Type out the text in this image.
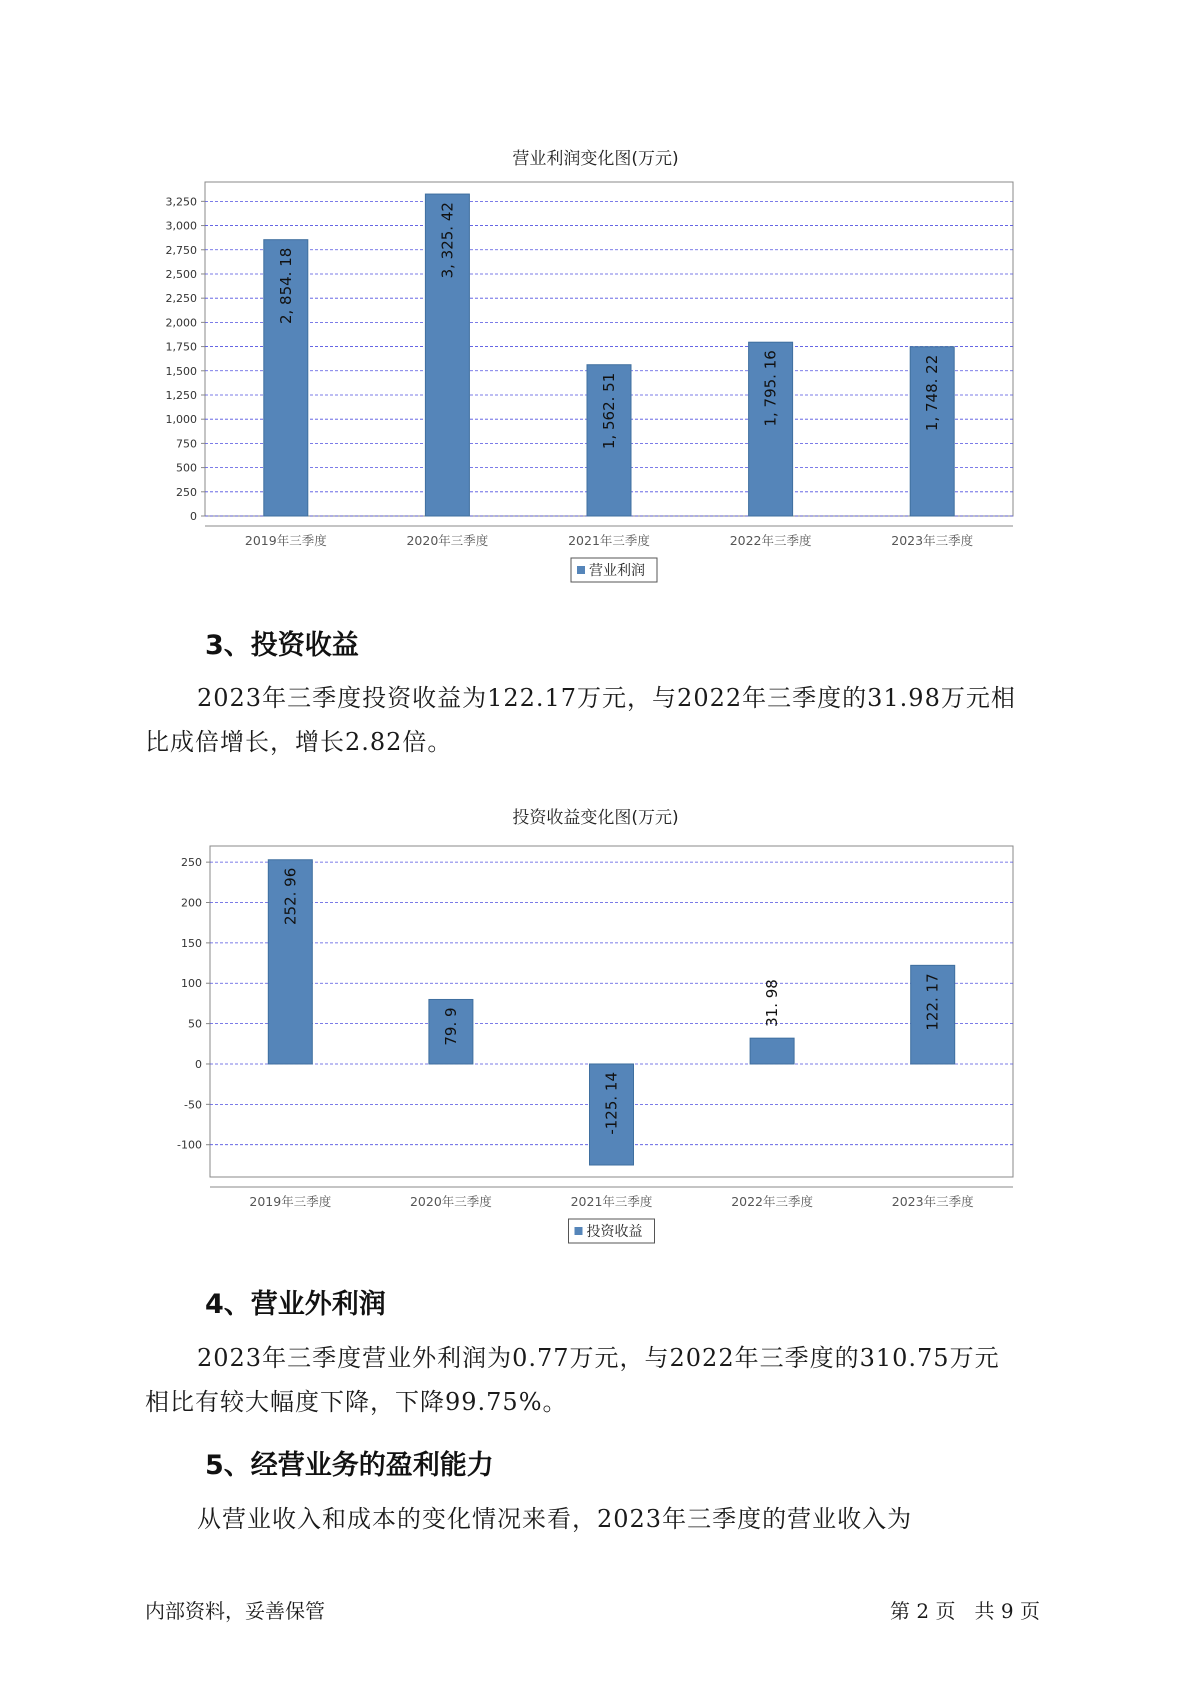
营业利润变化图(万元)
0
250
500
750
1,000
1,250
1,500
1,750
2,000
2,250
2,500
2,750
3,000
3,250
2, 854. 18
2019年三季度
3, 325. 42
2020年三季度
1, 562. 51
2021年三季度
1, 795. 16
2022年三季度
1, 748. 22
2023年三季度
营业利润
3、投资收益
2023年三季度投资收益为122.17万元，与2022年三季度的31.98万元相
比成倍增长，增长2.82倍。
投资收益变化图(万元)
-100
-50
0
50
100
150
200
250
252. 96
2019年三季度
79. 9
2020年三季度
-125. 14
2021年三季度
31. 98
2022年三季度
122. 17
2023年三季度
投资收益
4、营业外利润
2023年三季度营业外利润为0.77万元，与2022年三季度的310.75万元
相比有较大幅度下降，下降99.75%。
5、经营业务的盈利能力
从营业收入和成本的变化情况来看，2023年三季度的营业收入为
内部资料，妥善保管	第 2 页   共 9 页
